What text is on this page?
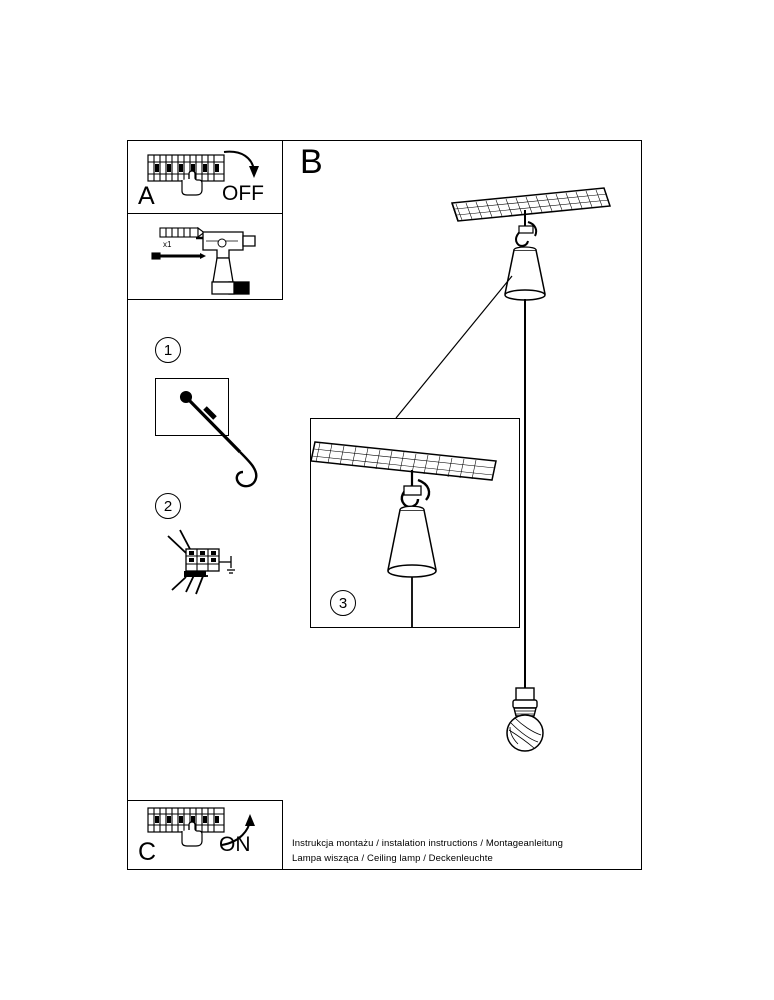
A	OFF
x1
B
C	ON
1
2
3
Instrukcja montażu / instalation instructions / Montageanleitung
Lampa wisząca / Ceiling lamp / Deckenleuchte
